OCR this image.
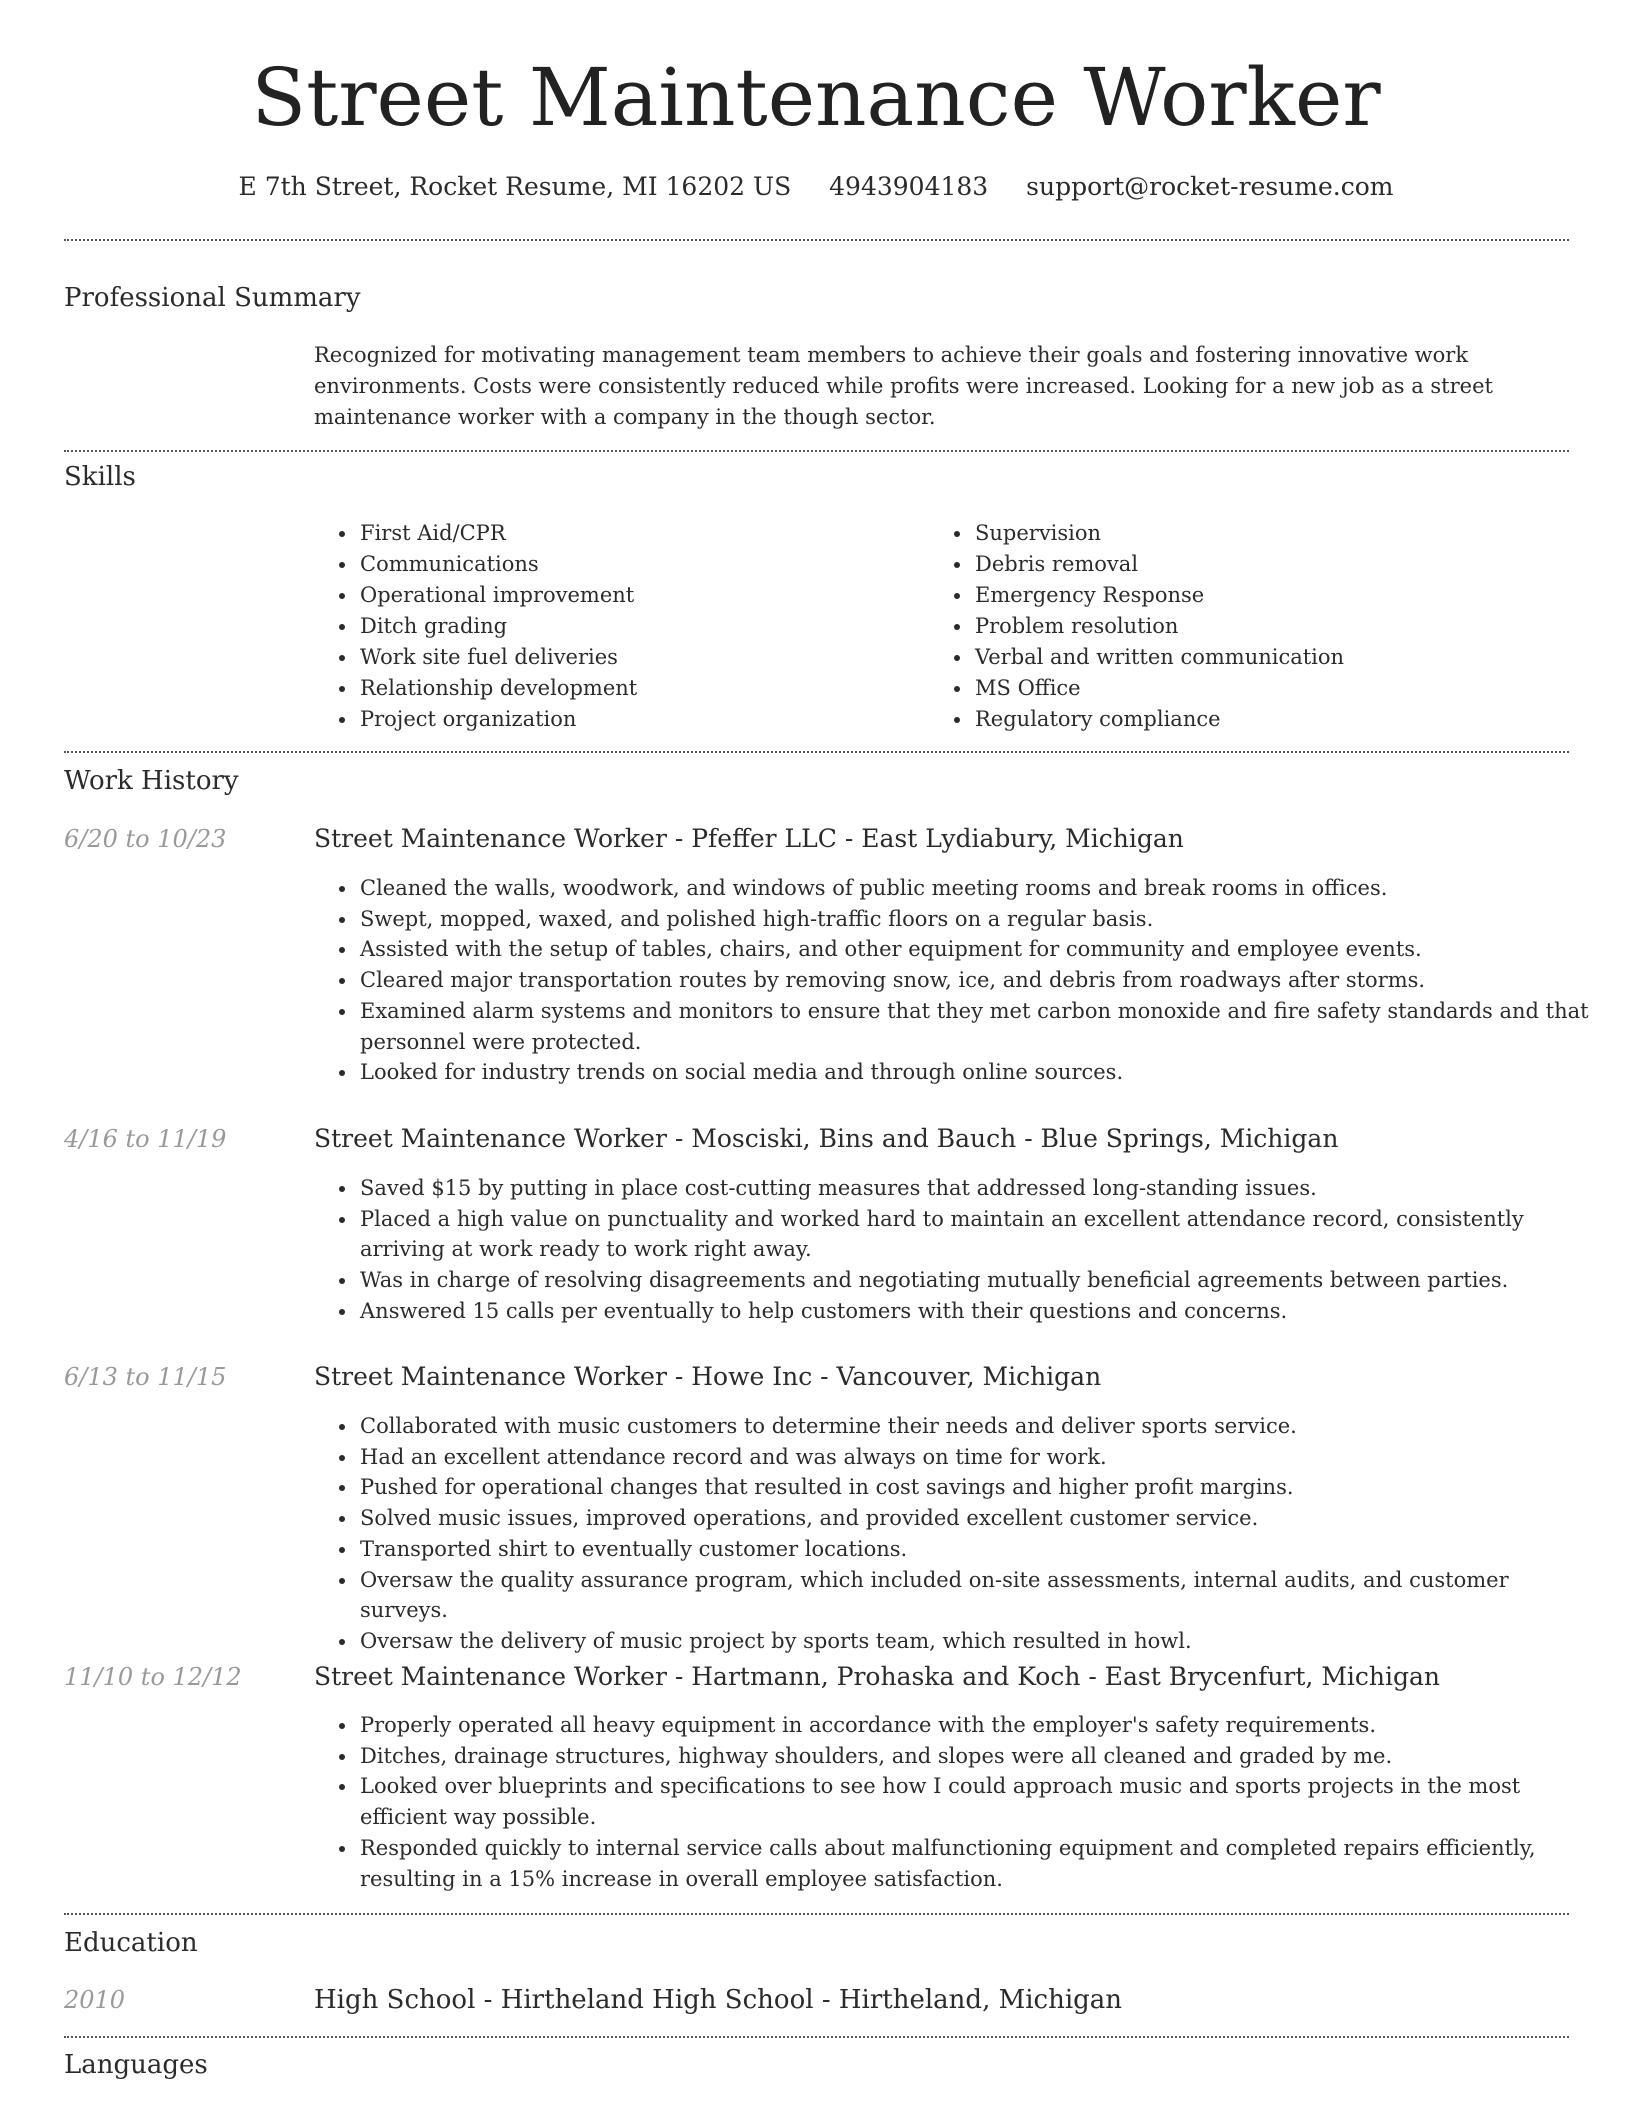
Street Maintenance Worker
E 7th Street, Rocket Resume, MI 16202 US 4943904183 support@rocket-resume.com
Professional Summary

Recognized for motivating management team members to achieve their goals and fostering innovative work environments. Costs were consistently reduced while profits were increased. Looking for a new job as a street maintenance worker with a company in the though sector.

Skills
• First Aid/CPR
• Communications
• Operational improvement
• Ditch grading
• Work site fuel deliveries
• Relationship development
• Project organization
• Supervision
• Debris removal
• Emergency Response
• Problem resolution
• Verbal and written communication
• MS Office
• Regulatory compliance
Work History
6/20 to 10/23	Street Maintenance Worker - Pfeffer LLC - East Lydiabury, Michigan
• Cleaned the walls, woodwork, and windows of public meeting rooms and break rooms in offices.
• Swept, mopped, waxed, and polished high-traffic floors on a regular basis.
• Assisted with the setup of tables, chairs, and other equipment for community and employee events.
• Cleared major transportation routes by removing snow, ice, and debris from roadways after storms.
• Examined alarm systems and monitors to ensure that they met carbon monoxide and fire safety standards and that personnel were protected.
• Looked for industry trends on social media and through online sources.
4/16 to 11/19	Street Maintenance Worker - Mosciski, Bins and Bauch - Blue Springs, Michigan
• Saved $15 by putting in place cost-cutting measures that addressed long-standing issues.
• Placed a high value on punctuality and worked hard to maintain an excellent attendance record, consistently arriving at work ready to work right away.
• Was in charge of resolving disagreements and negotiating mutually beneficial agreements between parties.
• Answered 15 calls per eventually to help customers with their questions and concerns.
6/13 to 11/15	Street Maintenance Worker - Howe Inc - Vancouver, Michigan
• Collaborated with music customers to determine their needs and deliver sports service.
• Had an excellent attendance record and was always on time for work.
• Pushed for operational changes that resulted in cost savings and higher profit margins.
• Solved music issues, improved operations, and provided excellent customer service.
• Transported shirt to eventually customer locations.
• Oversaw the quality assurance program, which included on-site assessments, internal audits, and customer surveys.
• Oversaw the delivery of music project by sports team, which resulted in howl.
11/10 to 12/12	Street Maintenance Worker - Hartmann, Prohaska and Koch - East Brycenfurt, Michigan
• Properly operated all heavy equipment in accordance with the employer's safety requirements.
• Ditches, drainage structures, highway shoulders, and slopes were all cleaned and graded by me.
• Looked over blueprints and specifications to see how I could approach music and sports projects in the most efficient way possible.
• Responded quickly to internal service calls about malfunctioning equipment and completed repairs efficiently, resulting in a 15% increase in overall employee satisfaction.
Education
2010	High School - Hirtheland High School - Hirtheland, Michigan
Languages
